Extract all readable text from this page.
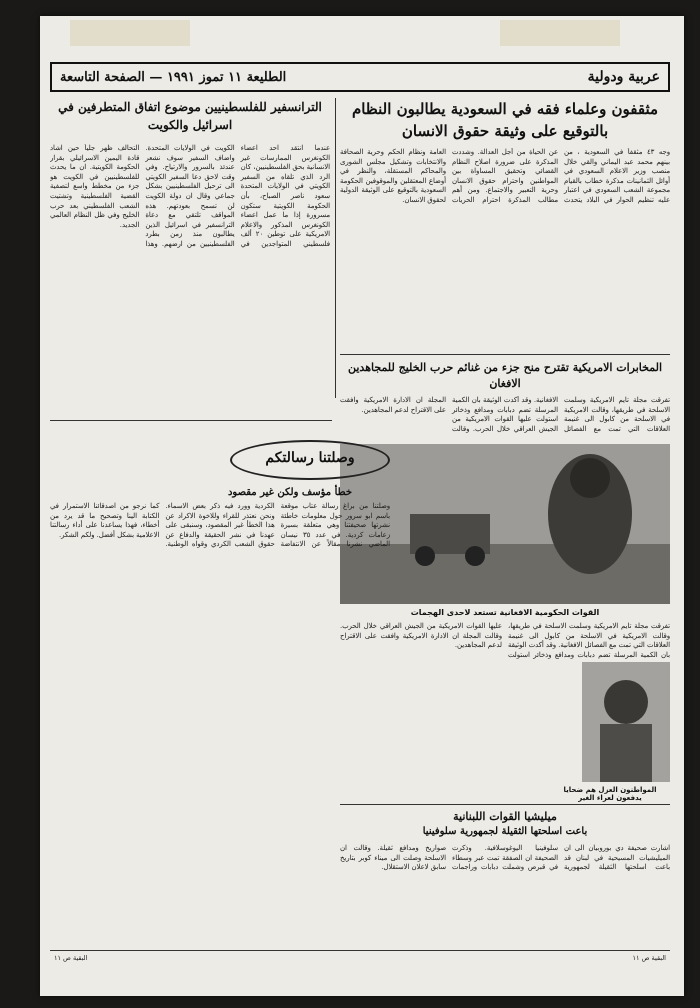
عربية ودولية
الطليعة ١١ تموز ١٩٩١ — الصفحة التاسعة
مثقفون وعلماء فقه في السعودية يطالبون النظام بالتوقيع على وثيقة حقوق الانسان
وجه ٤٣ مثقفاً في السعودية ، من بينهم محمد عبد اليماني والقي خلال منصب وزير الاعلام السعودي في أوائل الثمانينات مذكرة خطاب بالقيام مجموعة الشعب السعودي في اعتبار عليه تنظيم الحوار في البلاد يتحدث عن الحياة من أجل العدالة. وشددت المذكرة على ضرورة اصلاح النظام القضائي وتحقيق المساواة بين المواطنين واحترام حقوق الانسان وحرية التعبير والاجتماع. ومن أهم مطالب المذكرة احترام الحريات العامة ونظام الحكم وحرية الصحافة والانتخابات وتشكيل مجلس الشورى والمحاكم المستقلة، والنظر في أوضاع المعتقلين والموقوفين الحكومة السعودية بالتوقيع على الوثيقة الدولية لحقوق الانسان.
الترانسفير للفلسطينيين موضوع اتفاق المتطرفين في اسرائيل والكويت
عندما انتقد احد اعضاء الكونغرس الممارسات غير الانسانية بحق الفلسطينيين، كان الرد الذي تلقاه من السفير الكويتي في الولايات المتحدة سعود ناصر الصباح، بأن الحكومة الكويتية ستكون مسرورة إذا ما عمل اعضاء الكونغرس المذكور والاعلام الامريكية على توطين ٢٠ ألف فلسطيني المتواجدين في الكويت في الولايات المتحدة. واضاف السفير سوف نشعر عندئذ بالسرور والارتياح. وفي وقت لاحق دعا السفير الكويتي الى ترحيل الفلسطينيين بشكل جماعي وقال ان دولة الكويت لن تسمح بعودتهم. هذه المواقف تلتقي مع دعاة الترانسفير في اسرائيل الذين يطالبون منذ زمن بطرد الفلسطينيين من ارضهم. وهذا التحالف ظهر جلياً حين اشاد قادة اليمين الاسرائيلي بقرار الحكومة الكويتية. ان ما يحدث للفلسطينيين في الكويت هو جزء من مخطط واسع لتصفية القضية الفلسطينية وتشتيت الشعب الفلسطيني بعد حرب الخليج وفي ظل النظام العالمي الجديد.
المخابرات الامريكية تقترح منح جزء من غنائم حرب الخليج للمجاهدين الافغان
تفرقت مجلة تايم الامريكية وسلمت الاسلحة في طريقها، وقالت الامريكية في الاسلحة من كابول الى غنيمة العلاقات التي تمت مع الفصائل الافغانية. وقد أكدت الوثيقة بان الكمية المرسلة تضم دبابات ومدافع وذخائر استولت عليها القوات الامريكية من الجيش العراقي خلال الحرب. وقالت المجلة ان الادارة الامريكية وافقت على الاقتراح لدعم المجاهدين.
القوات الحكومية الافغانية تستعد لاحدى الهجمات
وصلتنا رسالتكم
خطأ مؤسف ولكن غير مقصود
وصلتنا من براغ رسالة عتاب موقعة باسم ابو سرور حول معلومات خاطئة نشرتها صحيفتنا وهي متعلقة بسيرة زعامات كردية. في عدد ٣٥ نيسان الماضي نشرنا مقالاً عن الانتفاضة الكردية وورد فيه ذكر بعض الاسماء. ونحن نعتذر للقراء وللاخوة الاكراد عن هذا الخطأ غير المقصود، وسنبقى على عهدنا في نشر الحقيقة والدفاع عن حقوق الشعب الكردي وقواه الوطنية. كما نرجو من اصدقائنا الاستمرار في الكتابة الينا وتصحيح ما قد يرد من أخطاء، فهذا يساعدنا على أداء رسالتنا الاعلامية بشكل أفضل. ولكم الشكر.
تفرقت مجلة تايم الامريكية وسلمت الاسلحة في طريقها، وقالت الامريكية في الاسلحة من كابول الى غنيمة العلاقات التي تمت مع الفصائل الافغانية. وقد أكدت الوثيقة بان الكمية المرسلة تضم دبابات ومدافع وذخائر استولت عليها القوات الامريكية من الجيش العراقي خلال الحرب. وقالت المجلة ان الادارة الامريكية وافقت على الاقتراح لدعم المجاهدين.
المواطنون العزل هم ضحايا يدفعون لعراء الغير
ميليشيا القوات اللبنانية
باعت اسلحتها الثقيلة لجمهورية سلوفينيا
اشارت صحيفة دي بوروبيان الى ان الميليشيات المسيحية في لبنان قد باعت اسلحتها الثقيلة لجمهورية سلوفينيا اليوغوسلافية. وذكرت الصحيفة ان الصفقة تمت عبر وسطاء في قبرص وشملت دبابات وراجمات صواريخ ومدافع ثقيلة. وقالت ان الاسلحة وصلت الى ميناء كوبر بتاريخ سابق لاعلان الاستقلال.
البقية ص ١١
البقية ص ١١
